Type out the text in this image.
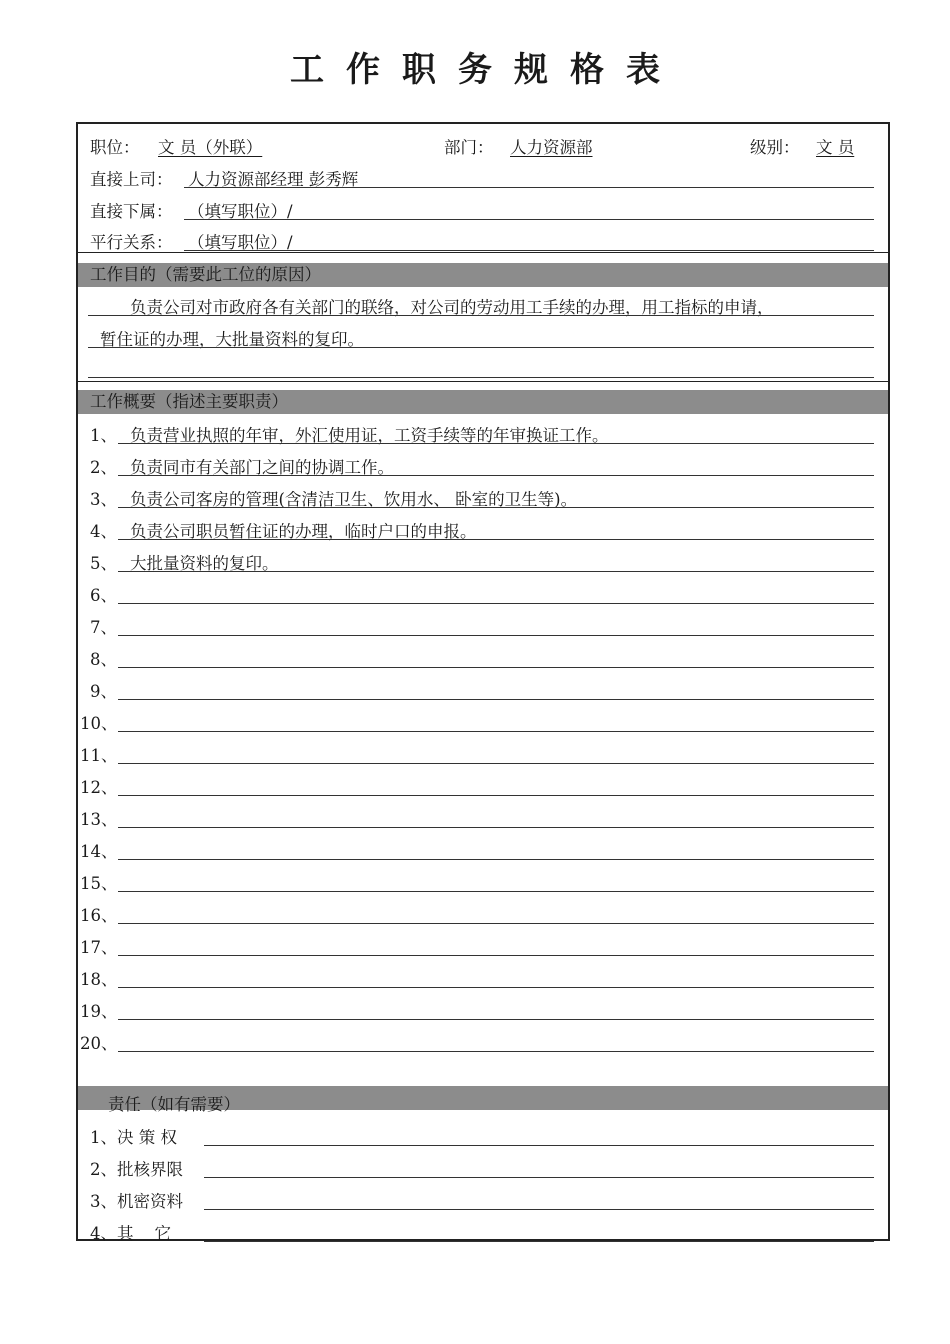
工作职务规格表
职位：	文 员（外联）	部门：	人力资源部	级别：	文 员
直接上司： 人力资源部经理 彭秀辉
直接下属： （填写职位）/
平行关系： （填写职位）/
工作目的（需要此工位的原因）
负责公司对市政府各有关部门的联络，对公司的劳动用工手续的办理，用工指标的申请，
暂住证的办理，大批量资料的复印。
工作概要（指述主要职责）
1、 负责营业执照的年审，外汇使用证，工资手续等的年审换证工作。
2、 负责同市有关部门之间的协调工作。
3、 负责公司客房的管理(含清洁卫生、饮用水、 卧室的卫生等)。
4、 负责公司职员暂住证的办理，临时户口的申报。
5、 大批量资料的复印。
6、
7、
8、
9、
10、
11、
12、
13、
14、
15、
16、
17、
18、
19、
20、
责任（如有需要）
1、决 策 权
2、批核界限
3、机密资料
4、其    它
